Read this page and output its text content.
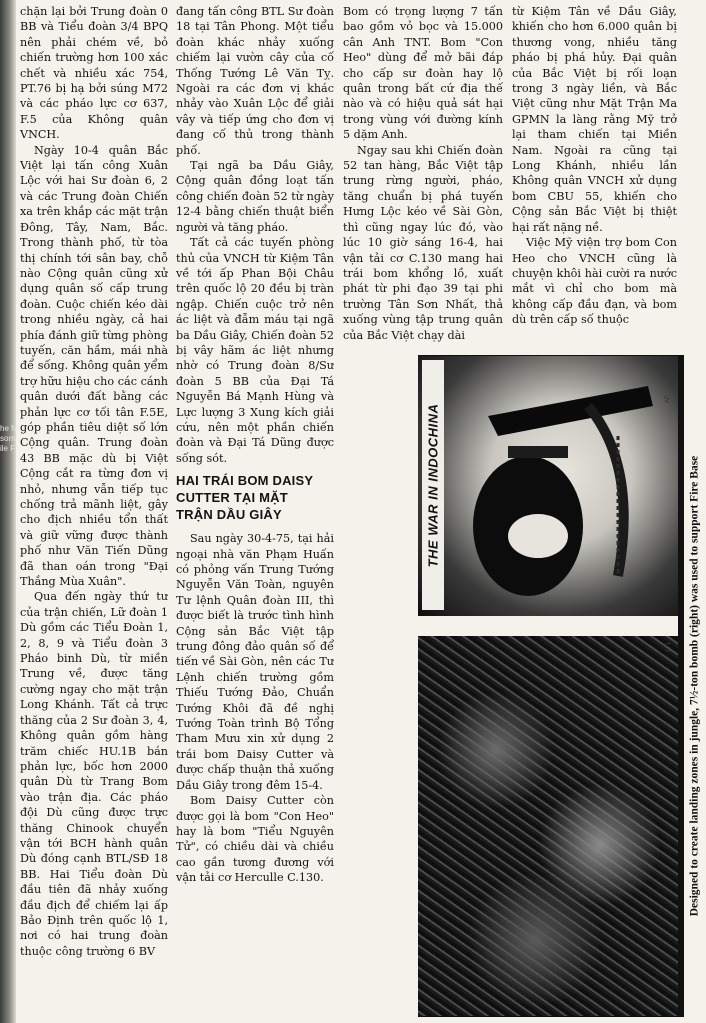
he N
sorn
ile F

chặn lại bởi Trung đoàn 0 BB và Tiểu đoàn 3/4 BPQ nên phải chém về, bỏ chiến trường hơn 100 xác chết và nhiều xác 754, PT.76 bị hạ bởi súng M72 và các pháo lực cơ 637, F.5 của Không quân VNCH.

Ngày 10-4 quân Bắc Việt lại tấn công Xuân Lộc với hai Sư đoàn 6, 2 và các Trung đoàn Chiến xa trên khắp các mặt trận Đông, Tây, Nam, Bắc. Trong thành phố, từ tòa thị chính tới sân bay, chỗ nào Cộng quân cũng xử dụng quân số cấp trung đoàn. Cuộc chiến kéo dài trong nhiều ngày, cả hai phía đánh giữ từng phòng tuyến, căn hầm, mái nhà để sống. Không quân yểm trợ hữu hiệu cho các cánh quân dưới đất bằng các phản lực cơ tối tân F.5E, góp phần tiêu diệt số lớn Cộng quân. Trung đoàn 43 BB mặc dù bị Việt Cộng cắt ra từng đơn vị nhỏ, nhưng vẫn tiếp tục chống trả mãnh liệt, gây cho địch nhiều tổn thất và giữ vững được thành phố như Văn Tiến Dũng đã than oán trong "Đại Thắng Mùa Xuân".

Qua đến ngày thứ tư của trận chiến, Lữ đoàn 1 Dù gồm các Tiểu Đoàn 1, 2, 8, 9 và Tiểu đoàn 3 Pháo binh Dù, từ miền Trung về, được tăng cường ngay cho mặt trận Long Khánh. Tất cả trực thăng của 2 Sư đoàn 3, 4, Không quân gồm hàng trăm chiếc HU.1B bán phản lực, bốc hơn 2000 quân Dù từ Trang Bom vào trận địa. Các pháo đội Dù cũng được trực thăng Chinook chuyển vận tới BCH hành quân Dù đóng cạnh BTL/SĐ 18 BB. Hai Tiểu đoàn Dù đầu tiên đã nhảy xuống đầu địch để chiếm lại ấp Bảo Định trên quốc lộ 1, nơi có hai trung đoàn thuộc công trường 6 BV

đang tấn công BTL Sư đoàn 18 tại Tân Phong. Một tiểu đoàn khác nhảy xuống chiếm lại vườn cây của cố Thống Tướng Lê Văn Tỵ. Ngoài ra các đơn vị khác nhảy vào Xuân Lộc để giải vây và tiếp ứng cho đơn vị đang cố thủ trong thành phố.

Tại ngã ba Dầu Giây, Cộng quân đồng loạt tấn công chiến đoàn 52 từ ngày 12-4 bằng chiến thuật biển người và tăng pháo.

Tất cả các tuyến phòng thủ của VNCH từ Kiệm Tân về tới ấp Phan Bội Châu trên quốc lộ 20 đều bị tràn ngập. Chiến cuộc trở nên ác liệt và đẫm máu tại ngã ba Dầu Giây, Chiến đoàn 52 bị vây hãm ác liệt nhưng nhờ có Trung đoàn 8/Sư đoàn 5 BB của Đại Tá Nguyễn Bá Mạnh Hùng và Lực lượng 3 Xung kích giải cứu, nên một phần chiến đoàn và Đại Tá Dũng được sống sót.

HAI TRÁI BOM DAISY
CUTTER TẠI MẶT
TRẬN DẦU GIÂY

Sau ngày 30-4-75, tại hải ngoại nhà văn Phạm Huấn có phỏng vấn Trung Tướng Nguyễn Văn Toàn, nguyên Tư lệnh Quân đoàn III, thì được biết là trước tình hình Cộng sản Bắc Việt tập trung đông đảo quân số để tiến về Sài Gòn, nên các Tư Lệnh chiến trường gồm Thiếu Tướng Đảo, Chuẩn Tướng Khôi đã đề nghị Tướng Toàn trình Bộ Tổng Tham Mưu xin xử dụng 2 trái bom Daisy Cutter và được chấp thuận thả xuống Dầu Giây trong đêm 15-4.

Bom Daisy Cutter còn được gọi là bom "Con Heo" hay là bom "Tiểu Nguyên Tử", có chiều dài và chiều cao gần tương đương với vận tải cơ Herculle C.130.

Bom có trọng lượng 7 tấn bao gồm vỏ bọc và 15.000 cân Anh TNT. Bom "Con Heo" dùng để mở bãi đáp cho cấp sư đoàn hay lộ quân trong bất cứ địa thế nào và có hiệu quả sát hại trong vùng với đường kính 5 dặm Anh.

Ngay sau khi Chiến đoàn 52 tan hàng, Bắc Việt tập trung rừng người, pháo, tăng chuẩn bị phá tuyến Hưng Lộc kéo về Sài Gòn, thì cũng ngay lúc đó, vào lúc 10 giờ sáng 16-4, hai vận tải cơ C.130 mang hai trái bom khổng lồ, xuất phát từ phi đạo 39 tại phi trường Tân Sơn Nhất, thả xuống vùng tập trung quân của Bắc Việt chạy dài

từ Kiệm Tân về Dầu Giây, khiến cho hơn 6.000 quân bị thương vong, nhiều tăng pháo bị phá hủy. Đại quân của Bắc Việt bị rối loạn trong 3 ngày liền, và Bắc Việt cũng như Mặt Trận Ma GPMN la làng rằng Mỹ trở lại tham chiến tại Miền Nam. Ngoài ra cũng tại Long Khánh, nhiều lần Không quân VNCH xử dụng bom CBU 55, khiến cho Cộng sản Bắc Việt bị thiệt hại rất nặng nề.

Việc Mỹ viện trợ bom Con Heo cho VNCH cũng là chuyện khôi hài cười ra nước mắt vì chỉ cho bom mà không cấp đầu đạn, và bom dù trên cấp số thuộc

THE WAR IN INDOCHINA
AP
171 Designed to create landing zones in jungle, 7½-ton bomb (right) was used to support Fire Base
